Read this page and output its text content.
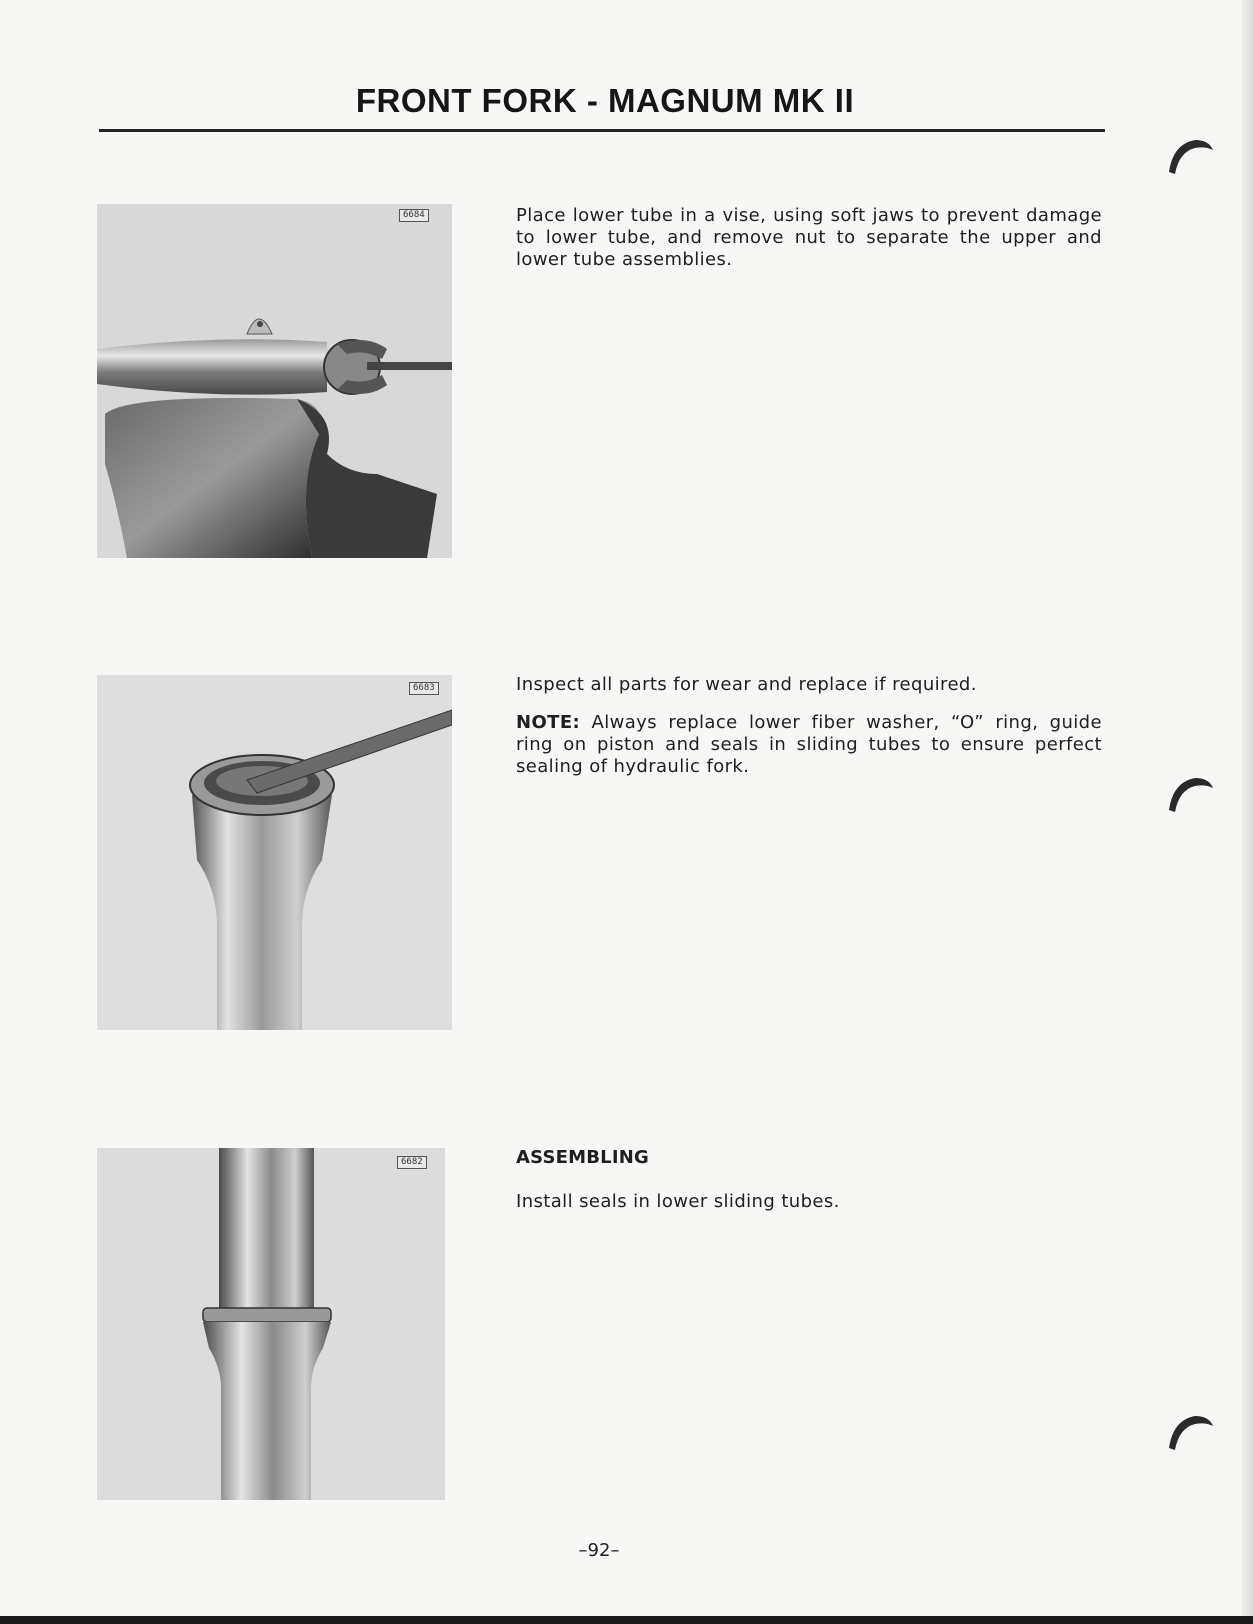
FRONT FORK - MAGNUM MK II
6684	Place lower tube in a vise, using soft jaws to prevent damage to lower tube, and remove nut to separate the upper and lower tube assemblies.

6683	Inspect all parts for wear and replace if required.

NOTE: Always replace lower fiber washer, “O” ring, guide ring on piston and seals in sliding tubes to ensure perfect sealing of hydraulic fork.

6682	ASSEMBLING

Install seals in lower sliding tubes.

–92–
